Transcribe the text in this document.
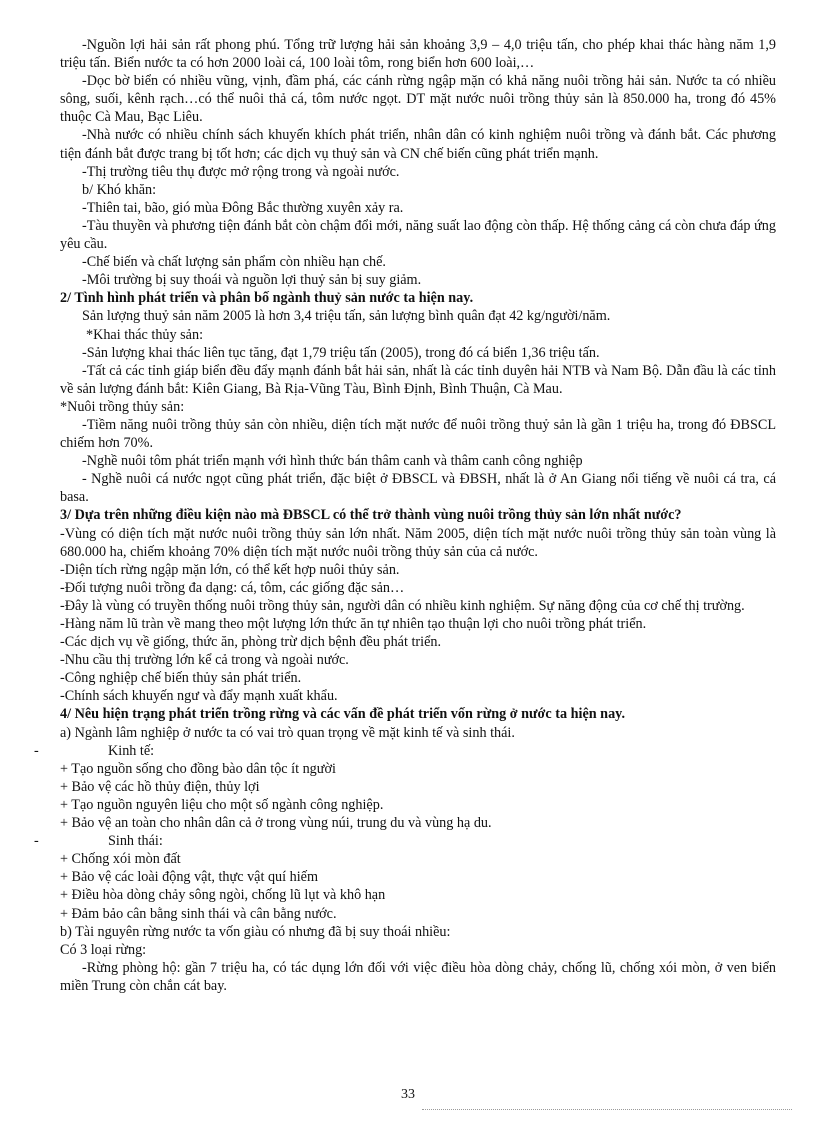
-Nguồn lợi hải sản rất phong phú. Tổng trữ lượng hải sản khoảng 3,9 – 4,0 triệu tấn, cho phép khai thác hàng năm 1,9 triệu tấn. Biển nước ta có hơn 2000 loài cá, 100 loài tôm, rong biển hơn 600 loài,…

-Dọc bờ biển có nhiều vũng, vịnh, đầm phá, các cánh rừng ngập mặn có khả năng nuôi trồng hải sản. Nước ta có nhiều sông, suối, kênh rạch…có thể nuôi thả cá, tôm nước ngọt. DT mặt nước nuôi trồng thủy sản là 850.000 ha, trong đó 45% thuộc Cà Mau, Bạc Liêu.

-Nhà nước có nhiều chính sách khuyến khích phát triển, nhân dân có kinh nghiệm nuôi trồng và đánh bắt. Các phương tiện đánh bắt được trang bị tốt hơn; các dịch vụ thuỷ sản và CN chế biến cũng phát triển mạnh.

-Thị trường tiêu thụ được mở rộng trong và ngoài nước.

b/ Khó khăn:

-Thiên tai, bão, gió mùa Đông Bắc thường xuyên xảy ra.

-Tàu thuyền và phương tiện đánh bắt còn chậm đổi mới, năng suất lao động còn thấp. Hệ thống cảng cá còn chưa đáp ứng yêu cầu.

-Chế biến và chất lượng sản phẩm còn nhiều hạn chế.

-Môi trường bị suy thoái và nguồn lợi thuỷ sản bị suy giảm.

2/ Tình hình phát triển và phân bố ngành thuỷ sản nước ta hiện nay.

Sản lượng thuỷ sản năm 2005 là hơn 3,4 triệu tấn, sản lượng bình quân đạt 42 kg/người/năm.

*Khai thác thủy sản:

-Sản lượng khai thác liên tục tăng, đạt 1,79 triệu tấn (2005), trong đó cá biển 1,36 triệu tấn.

-Tất cả các tỉnh giáp biển đều đẩy mạnh đánh bắt hải sản, nhất là các tỉnh duyên hải NTB và Nam Bộ. Dẫn đầu là các tỉnh về sản lượng đánh bắt: Kiên Giang, Bà Rịa-Vũng Tàu, Bình Định, Bình Thuận, Cà Mau.

*Nuôi trồng thủy sản:

-Tiềm năng nuôi trồng thủy sản còn nhiều, diện tích mặt nước để nuôi trồng thuỷ sản là gần 1 triệu ha, trong đó ĐBSCL chiếm hơn 70%.

-Nghề nuôi tôm phát triển mạnh với hình thức bán thâm canh và thâm canh công nghiệp

- Nghề nuôi cá nước ngọt cũng phát triển, đặc biệt ở ĐBSCL và ĐBSH, nhất là ở An Giang nổi tiếng về nuôi cá tra, cá basa.

3/ Dựa trên những điều kiện nào mà ĐBSCL có thể trở thành vùng nuôi trồng thủy sản lớn nhất nước?

-Vùng có diện tích mặt nước nuôi trồng thủy sản lớn nhất. Năm 2005, diện tích mặt nước nuôi trồng thủy sản toàn vùng là 680.000 ha, chiếm khoảng 70% diện tích mặt nước nuôi trồng thủy sản của cả nước.

-Diện tích rừng ngập mặn lớn, có thể kết hợp nuôi thủy sản.

-Đối tượng nuôi trồng đa dạng: cá, tôm, các giống đặc sản…

-Đây là vùng có truyền thống nuôi trồng thủy sản, người dân có nhiều kinh nghiệm. Sự năng động của cơ chế thị trường.

-Hàng năm lũ tràn về mang theo một lượng lớn thức ăn tự nhiên tạo thuận lợi cho nuôi trồng phát triển.

-Các dịch vụ về giống, thức ăn, phòng trừ dịch bệnh đều phát triển.

-Nhu cầu thị trường lớn kể cả trong và ngoài nước.

-Công nghiệp chế biến thủy sản phát triển.

-Chính sách khuyến ngư và đẩy mạnh xuất khẩu.

4/ Nêu hiện trạng phát triển trồng rừng và các vấn đề phát triển vốn rừng ở nước ta hiện nay.

a) Ngành lâm nghiệp ở nước ta có vai trò quan trọng về mặt kinh tế và sinh thái.

-	Kinh tế:

+ Tạo nguồn sống cho đồng bào dân tộc ít người

+ Bảo vệ các hồ thủy điện, thủy lợi

+ Tạo nguồn nguyên liệu cho một số ngành công nghiệp.

+ Bảo vệ an toàn cho nhân dân cả ở trong vùng núi, trung du và vùng hạ du.

-	Sinh thái:

+ Chống xói mòn đất

+ Bảo vệ các loài động vật, thực vật quí hiếm

+ Điều hòa dòng chảy sông ngòi, chống lũ lụt và khô hạn

+ Đảm bảo cân bằng sinh thái và cân bằng nước.

b) Tài nguyên rừng nước ta vốn giàu có nhưng đã bị suy thoái nhiều:

Có 3 loại rừng:

-Rừng phòng hộ: gần 7 triệu ha, có tác dụng lớn đối với việc điều hòa dòng chảy, chống lũ, chống xói mòn, ở ven biển miền Trung còn chắn cát bay.

33
